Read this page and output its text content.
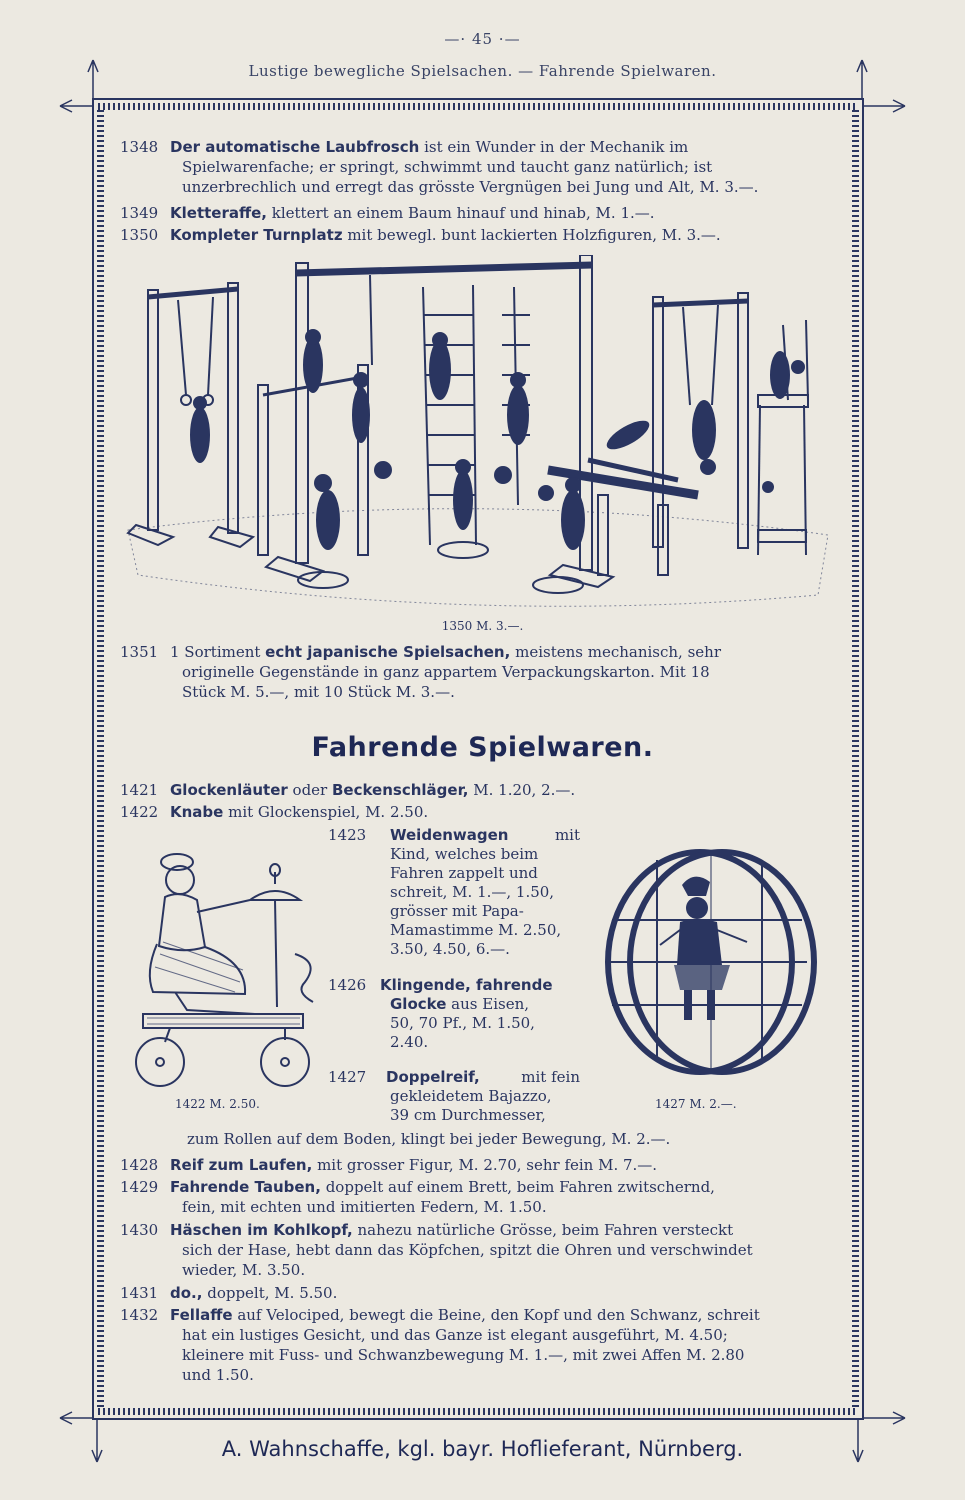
—· 45 ·—
Lustige bewegliche Spielsachen. — Fahrende Spielwaren.
1348 Der automatische Laubfrosch ist ein Wunder in der Mechanik im
Spielwarenfache; er springt, schwimmt und taucht ganz natürlich; ist
unzerbrechlich und erregt das grösste Vergnügen bei Jung und Alt, M. 3.—.
1349 Kletteraffe, klettert an einem Baum hinauf und hinab, M. 1.—.
1350 Kompleter Turnplatz mit bewegl. bunt lackierten Holzfiguren, M. 3.—.
1350 M. 3.—.
1351 1 Sortiment echt japanische Spielsachen, meistens mechanisch, sehr
originelle Gegenstände in ganz appartem Verpackungskarton. Mit 18
Stück M. 5.—, mit 10 Stück M. 3.—.
Fahrende Spielwaren.
1421 Glockenläuter oder Beckenschläger, M. 1.20, 2.—.
1422 Knabe mit Glockenspiel, M. 2.50.
1422 M. 2.50.	1427 M. 2.—.
1423 Weidenwagen	mit
Kind, welches beim
Fahren zappelt und
schreit, M. 1.—, 1.50,
grösser mit Papa-
Mamastimme M. 2.50,
3.50, 4.50, 6.—.
1426 Klingende, fahrende
Glocke aus Eisen,
50, 70 Pf., M. 1.50,
2.40.
1427 Doppelreif,	mit fein
gekleidetem Bajazzo,
39 cm Durchmesser,
zum Rollen auf dem Boden, klingt bei jeder Bewegung, M. 2.—.
1428 Reif zum Laufen, mit grosser Figur, M. 2.70, sehr fein M. 7.—.
1429 Fahrende Tauben, doppelt auf einem Brett, beim Fahren zwitschernd,
fein, mit echten und imitierten Federn, M. 1.50.
1430 Häschen im Kohlkopf, nahezu natürliche Grösse, beim Fahren versteckt
sich der Hase, hebt dann das Köpfchen, spitzt die Ohren und verschwindet
wieder, M. 3.50.
1431 do., doppelt, M. 5.50.
1432 Fellaffe auf Velociped, bewegt die Beine, den Kopf und den Schwanz, schreit
hat ein lustiges Gesicht, und das Ganze ist elegant ausgeführt, M. 4.50;
kleinere mit Fuss- und Schwanzbewegung M. 1.—, mit zwei Affen M. 2.80
und 1.50.
A. Wahnschaffe, kgl. bayr. Hoflieferant, Nürnberg.
